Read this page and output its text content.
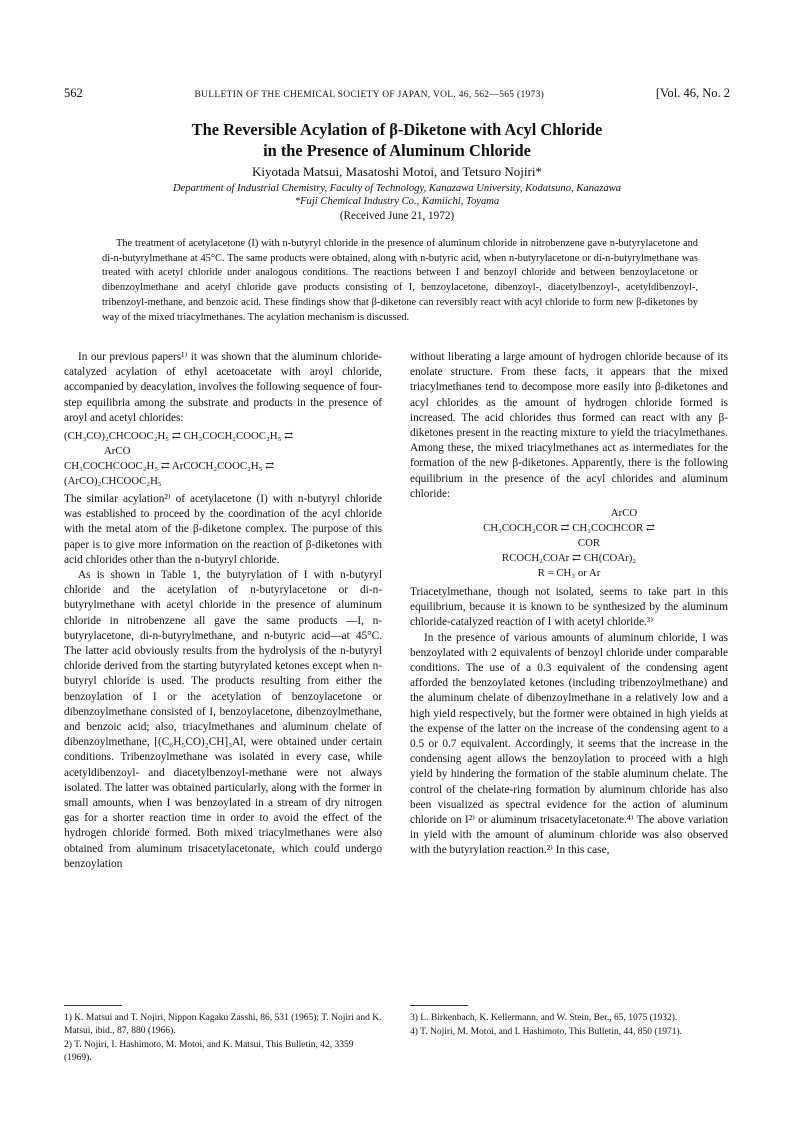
562	BULLETIN OF THE CHEMICAL SOCIETY OF JAPAN, VOL. 46, 562—565 (1973)	[Vol. 46, No. 2
The Reversible Acylation of β-Diketone with Acyl Chloride
in the Presence of Aluminum Chloride
Kiyotada Matsui, Masatoshi Motoi, and Tetsuro Nojiri*
Department of Industrial Chemistry, Faculty of Technology, Kanazawa University, Kodatsuno, Kanazawa
*Fuji Chemical Industry Co., Kamiichi, Toyama
(Received June 21, 1972)
The treatment of acetylacetone (I) with n-butyryl chloride in the presence of aluminum chloride in nitrobenzene gave n-butyrylacetone and di-n-butyrylmethane at 45°C. The same products were obtained, along with n-butyric acid, when n-butyrylacetone or di-n-butyrylmethane was treated with acetyl chloride under analogous conditions. The reactions between I and benzoyl chloride and between benzoylacetone or dibenzoylmethane and acetyl chloride gave products consisting of I, benzoylacetone, dibenzoyl-, diacetylbenzoyl-, acetyldibenzoyl-, tribenzoyl-methane, and benzoic acid. These findings show that β-diketone can reversibly react with acyl chloride to form new β-diketones by way of the mixed triacylmethanes. The acylation mechanism is discussed.

In our previous papers¹⁾ it was shown that the aluminum chloride-catalyzed acylation of ethyl acetoacetate with aroyl chloride, accompanied by deacylation, involves the following sequence of four-step equilibria among the substrate and products in the presence of aroyl and acetyl chlorides:

(CH₃CO)₂CHCOOC₂H₅ ⇄ CH₃COCH₂COOC₂H₅ ⇄
ArCO
CH₃COCHCOOC₂H₅ ⇄ ArCOCH₂COOC₂H₅ ⇄
(ArCO)₂CHCOOC₂H₅

The similar acylation²⁾ of acetylacetone (I) with n-butyryl chloride was established to proceed by the coordination of the acyl chloride with the metal atom of the β-diketone complex. The purpose of this paper is to give more information on the reaction of β-diketones with acid chlorides other than the n-butyryl chloride.

As is shown in Table 1, the butyrylation of I with n-butyryl chloride and the acetylation of n-butyrylacetone or di-n-butyrylmethane with acetyl chloride in the presence of aluminum chloride in nitrobenzene all gave the same products —I, n-butyrylacetone, di-n-butyrylmethane, and n-butyric acid—at 45°C. The latter acid obviously results from the hydrolysis of the n-butyryl chloride derived from the starting butyrylated ketones except when n-butyryl chloride is used. The products resulting from either the benzoylation of I or the acetylation of benzoylacetone or dibenzoylmethane consisted of I, benzoylacetone, dibenzoylmethane, and benzoic acid; also, triacylmethanes and aluminum chelate of dibenzoylmethane, [(C₆H₅CO)₂CH]₃Al, were obtained under certain conditions. Tribenzoylmethane was isolated in every case, while acetyldibenzoyl- and diacetylbenzoyl-methane were not always isolated. The latter was obtained particularly, along with the former in small amounts, when I was benzoylated in a stream of dry nitrogen gas for a shorter reaction time in order to avoid the effect of the hydrogen chloride formed. Both mixed triacylmethanes were also obtained from aluminum trisacetylacetonate, which could undergo benzoylation

without liberating a large amount of hydrogen chloride because of its enolate structure. From these facts, it appears that the mixed triacylmethanes tend to decompose more easily into β-diketones and acyl chlorides as the amount of hydrogen chloride formed is increased. The acid chlorides thus formed can react with any β-diketones present in the reacting mixture to yield the triacylmethanes. Among these, the mixed triacylmethanes act as intermediates for the formation of the new β-diketones. Apparently, there is the following equilibrium in the presence of the acyl chlorides and aluminum chloride:

ArCO
CH₃COCH₂COR ⇄ CH₃COCHCOR ⇄
COR
RCOCH₂COAr ⇄ CH(COAr)₂
R = CH₃ or Ar

Triacetylmethane, though not isolated, seems to take part in this equilibrium, because it is known to be synthesized by the aluminum chloride-catalyzed reaction of I with acetyl chloride.³⁾

In the presence of various amounts of aluminum chloride, I was benzoylated with 2 equivalents of benzoyl chloride under comparable conditions. The use of a 0.3 equivalent of the condensing agent afforded the benzoylated ketones (including tribenzoylmethane) and the aluminum chelate of dibenzoylmethane in a relatively low and a high yield respectively, but the former were obtained in high yields at the expense of the latter on the increase of the condensing agent to a 0.5 or 0.7 equivalent. Accordingly, it seems that the increase in the condensing agent allows the benzoylation to proceed with a high yield by hindering the formation of the stable aluminum chelate. The control of the chelate-ring formation by aluminum chloride has also been visualized as spectral evidence for the action of aluminum chloride on I²⁾ or aluminum trisacetylacetonate.⁴⁾ The above variation in yield with the amount of aluminum chloride was also observed with the butyrylation reaction.²⁾ In this case,

1) K. Matsui and T. Nojiri, Nippon Kagaku Zasshi, 86, 531 (1965); T. Nojiri and K. Matsui, ibid., 87, 880 (1966).

2) T. Nojiri, I. Hashimoto, M. Motoi, and K. Matsui, This Bulletin, 42, 3359 (1969).

3) L. Birkenbach, K. Kellermann, and W. Stein, Ber., 65, 1075 (1932).

4) T. Nojiri, M. Motoi, and I. Hashimoto, This Bulletin, 44, 850 (1971).
